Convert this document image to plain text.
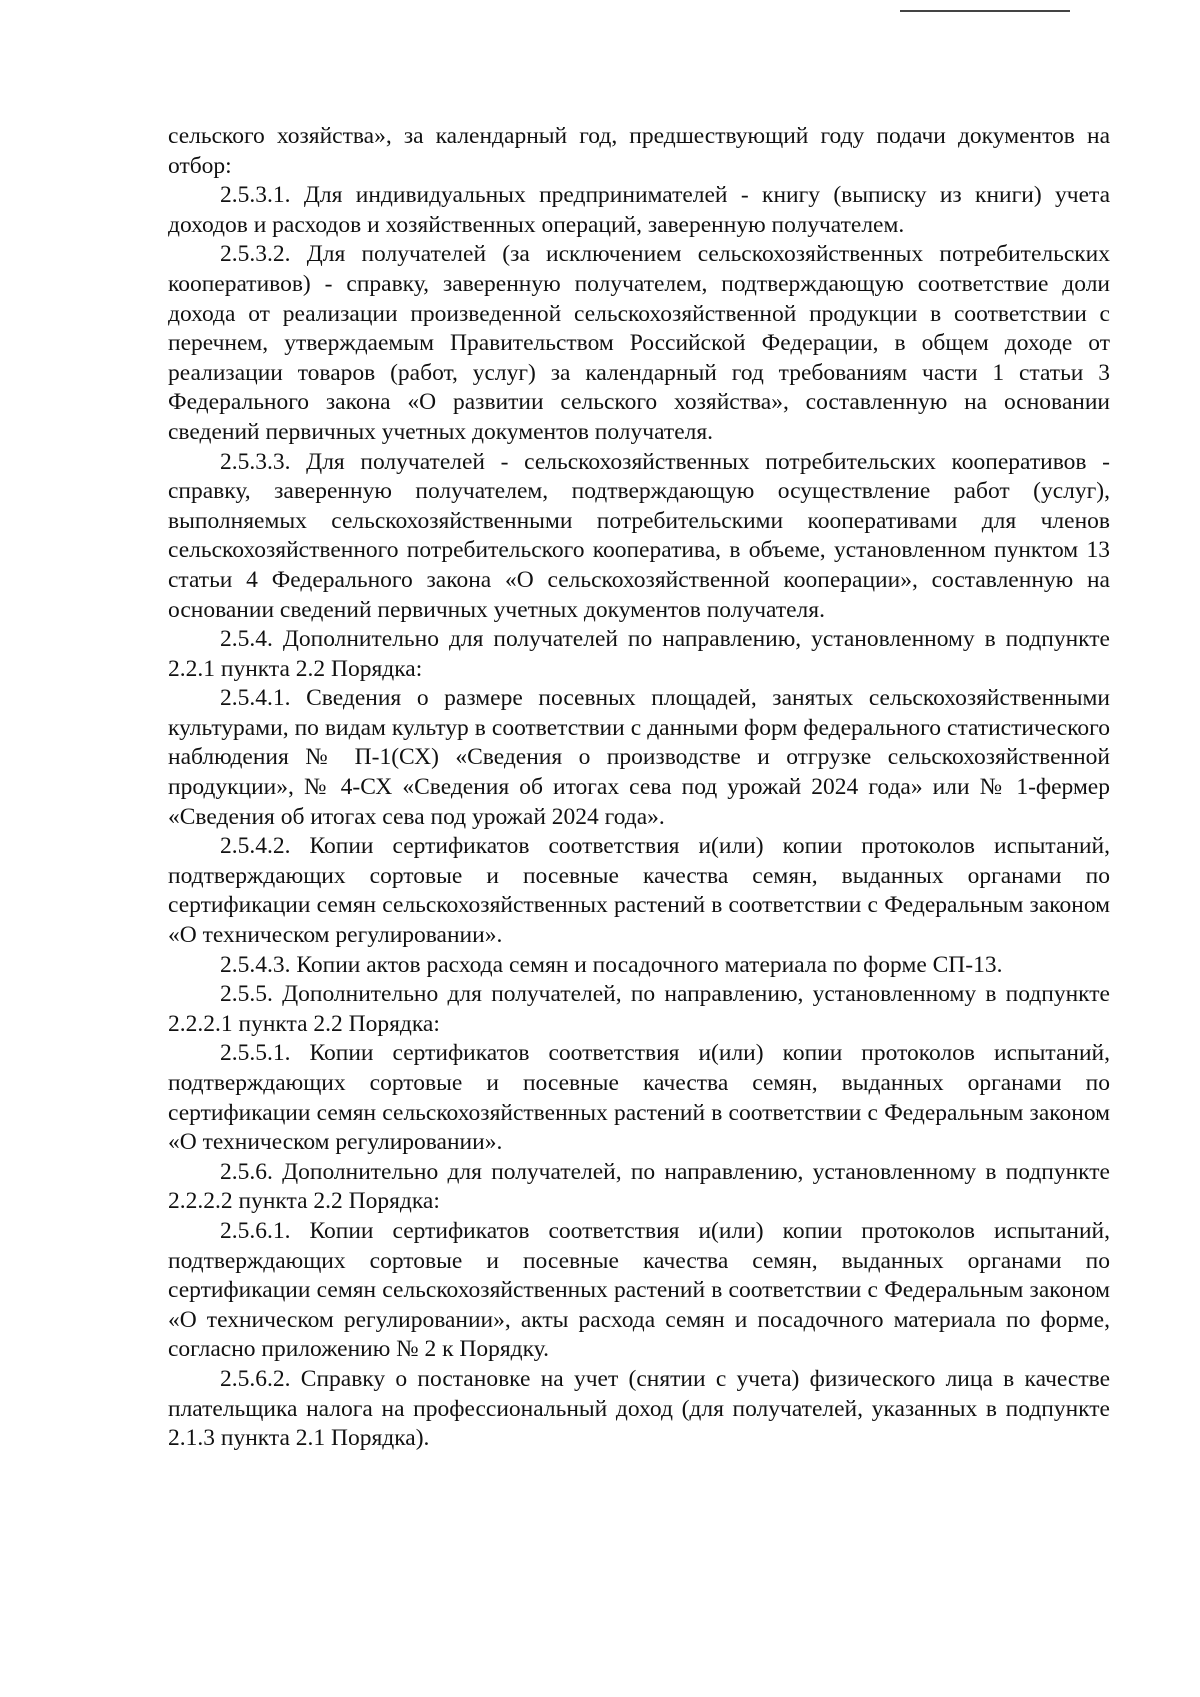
сельского хозяйства», за календарный год, предшествующий году подачи документов на отбор:

2.5.3.1. Для индивидуальных предпринимателей - книгу (выписку из книги) учета доходов и расходов и хозяйственных операций, заверенную получателем.

2.5.3.2. Для получателей (за исключением сельскохозяйственных потребительских кооперативов) - справку, заверенную получателем, подтверждающую соответствие доли дохода от реализации произведенной сельскохозяйственной продукции в соответствии с перечнем, утверждаемым Правительством Российской Федерации, в общем доходе от реализации товаров (работ, услуг) за календарный год требованиям части 1 статьи 3 Федерального закона «О развитии сельского хозяйства», составленную на основании сведений первичных учетных документов получателя.

2.5.3.3. Для получателей - сельскохозяйственных потребительских кооперативов - справку, заверенную получателем, подтверждающую осуществление работ (услуг), выполняемых сельскохозяйственными потребительскими кооперативами для членов сельскохозяйственного потребительского кооператива, в объеме, установленном пунктом 13 статьи 4 Федерального закона «О сельскохозяйственной кооперации», составленную на основании сведений первичных учетных документов получателя.

2.5.4. Дополнительно для получателей по направлению, установленному в подпункте 2.2.1 пункта 2.2 Порядка:

2.5.4.1. Сведения о размере посевных площадей, занятых сельскохозяйственными культурами, по видам культур в соответствии с данными форм федерального статистического наблюдения № П-1(СХ) «Сведения о производстве и отгрузке сельскохозяйственной продукции», № 4-СХ «Сведения об итогах сева под урожай 2024 года» или № 1-фермер «Сведения об итогах сева под урожай 2024 года».

2.5.4.2. Копии сертификатов соответствия и(или) копии протоколов испытаний, подтверждающих сортовые и посевные качества семян, выданных органами по сертификации семян сельскохозяйственных растений в соответствии с Федеральным законом «О техническом регулировании».

2.5.4.3. Копии актов расхода семян и посадочного материала по форме СП-13.

2.5.5. Дополнительно для получателей, по направлению, установленному в подпункте 2.2.2.1 пункта 2.2 Порядка:

2.5.5.1. Копии сертификатов соответствия и(или) копии протоколов испытаний, подтверждающих сортовые и посевные качества семян, выданных органами по сертификации семян сельскохозяйственных растений в соответствии с Федеральным законом «О техническом регулировании».

2.5.6. Дополнительно для получателей, по направлению, установленному в подпункте 2.2.2.2 пункта 2.2 Порядка:

2.5.6.1. Копии сертификатов соответствия и(или) копии протоколов испытаний, подтверждающих сортовые и посевные качества семян, выданных органами по сертификации семян сельскохозяйственных растений в соответствии с Федеральным законом «О техническом регулировании», акты расхода семян и посадочного материала по форме, согласно приложению № 2 к Порядку.

2.5.6.2. Справку о постановке на учет (снятии с учета) физического лица в качестве плательщика налога на профессиональный доход (для получателей, указанных в подпункте 2.1.3 пункта 2.1 Порядка).
